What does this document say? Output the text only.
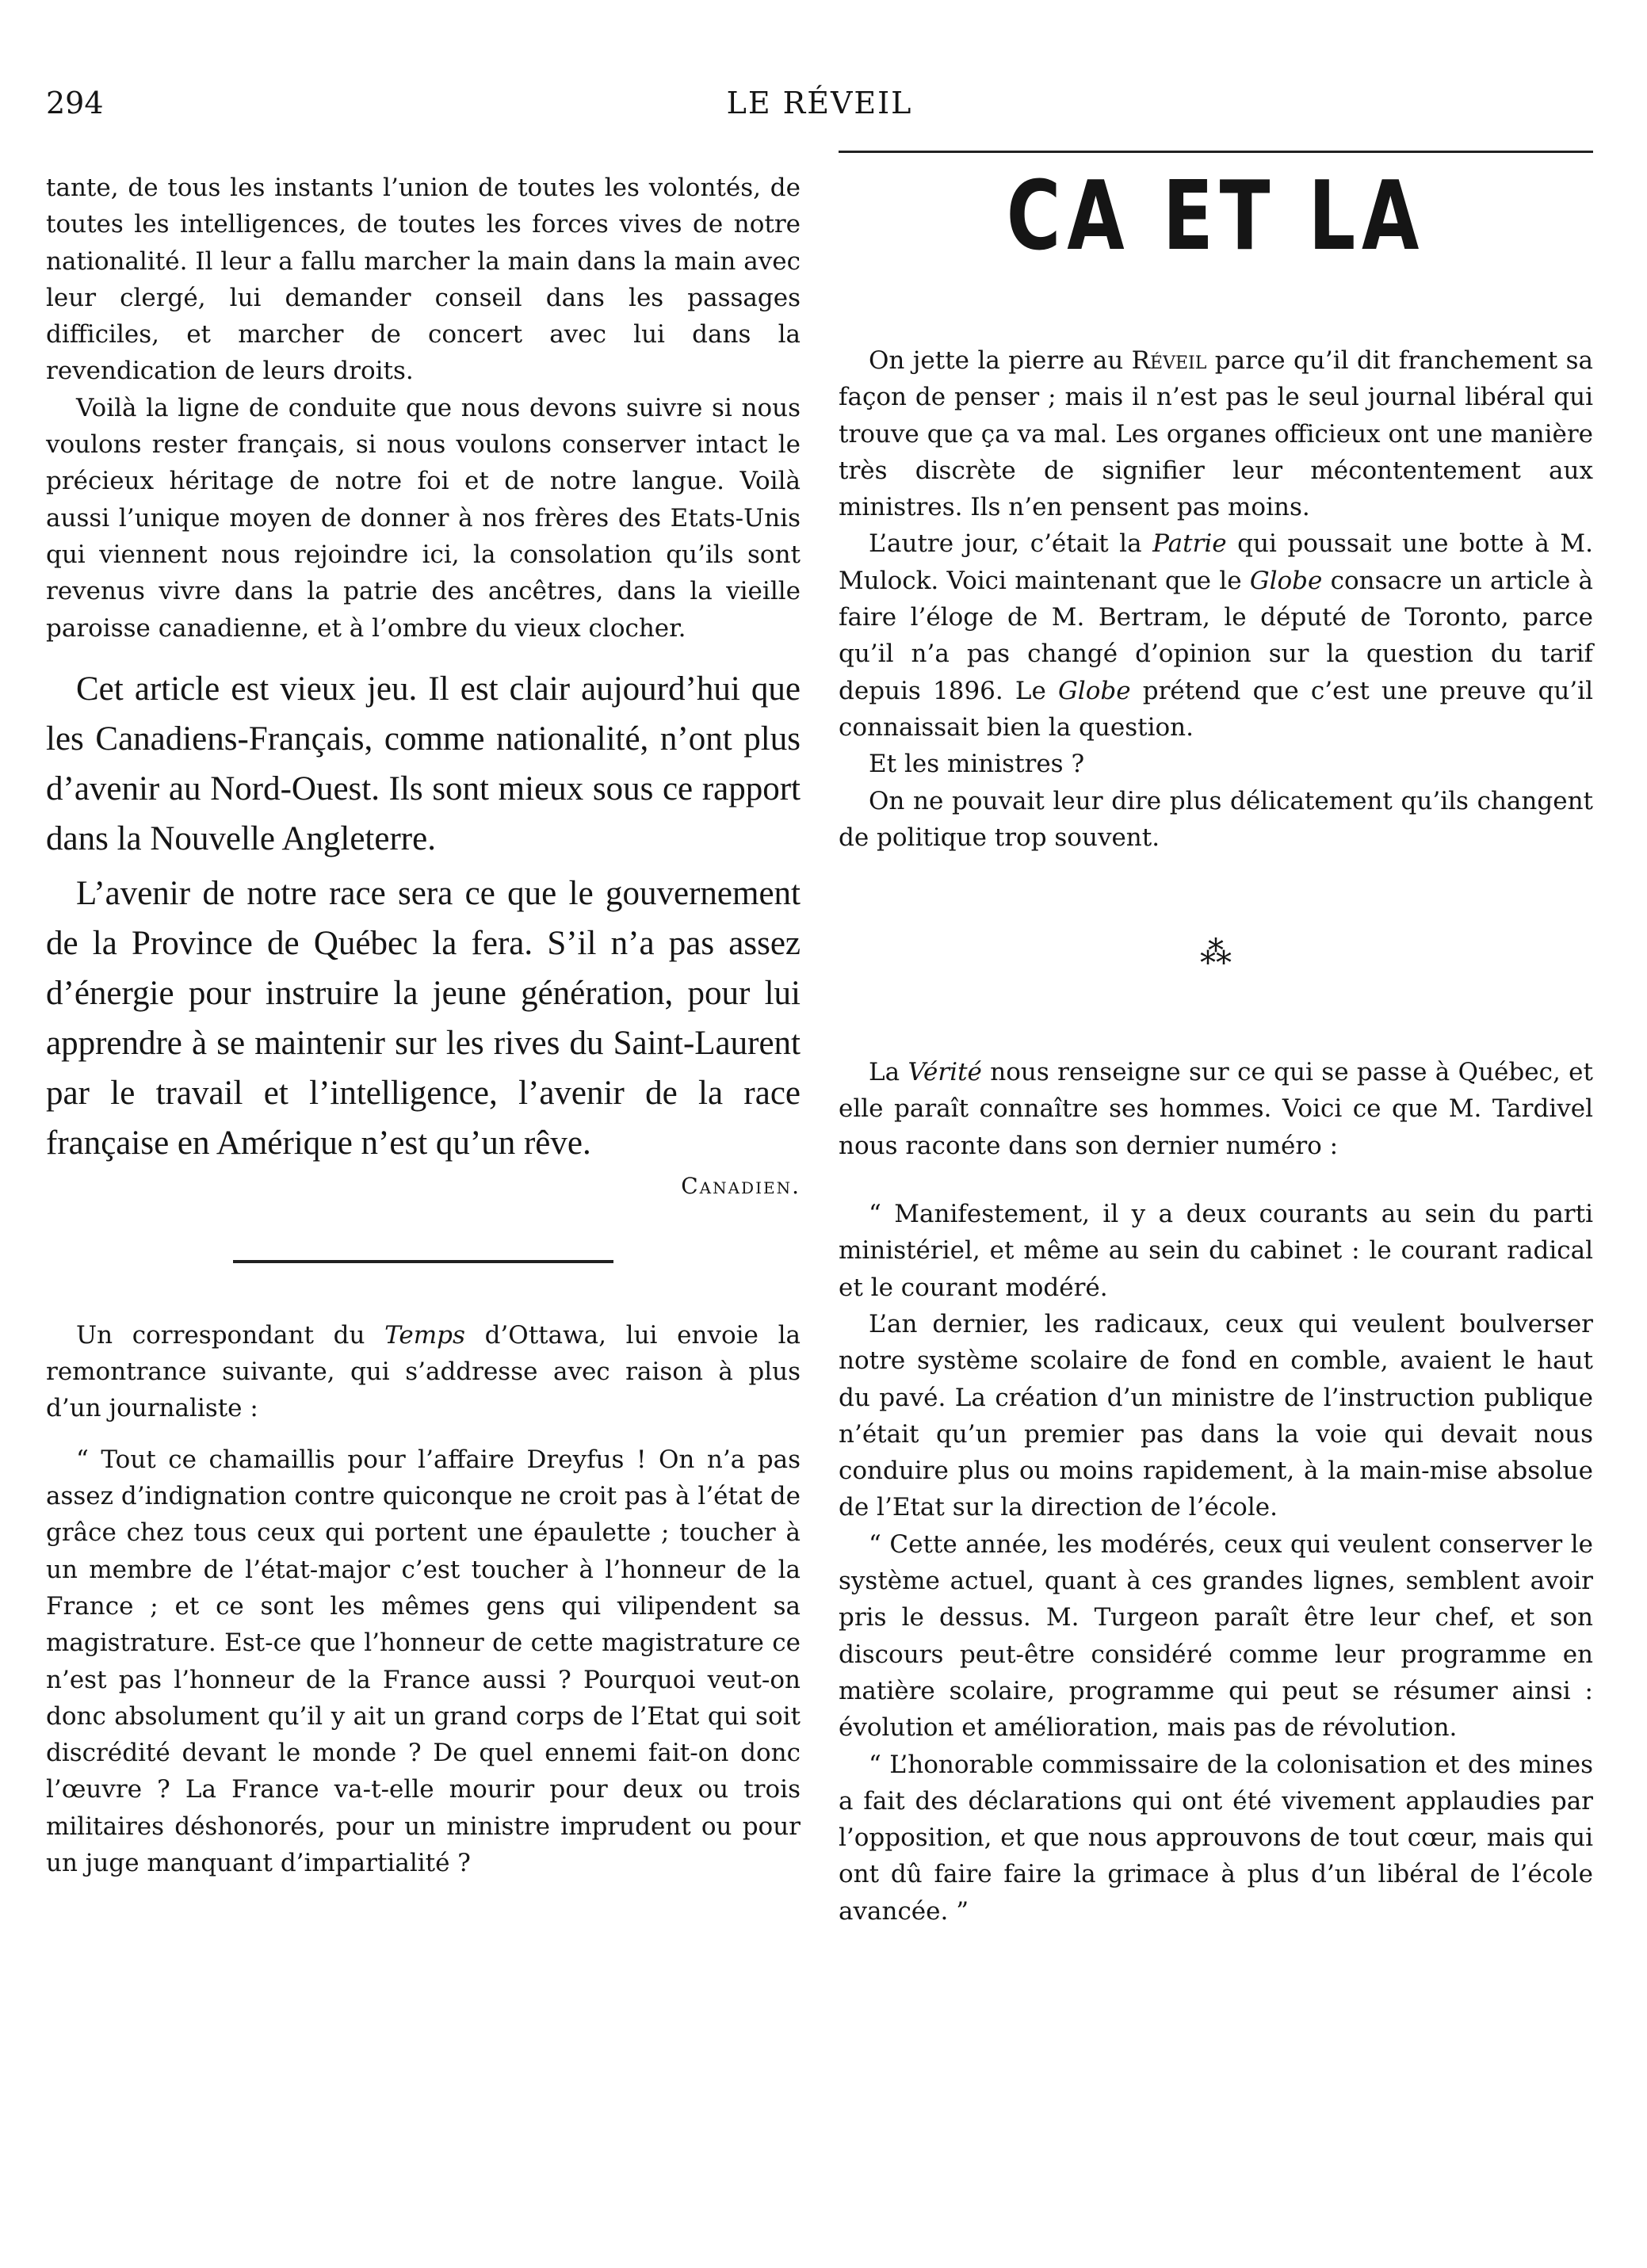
294	LE RÉVEIL

tante, de tous les instants l’union de toutes les volontés, de toutes les intelligences, de toutes les forces vives de notre nationalité. Il leur a fallu marcher la main dans la main avec leur clergé, lui demander conseil dans les passages difficiles, et marcher de concert avec lui dans la revendication de leurs droits.

Voilà la ligne de conduite que nous devons suivre si nous voulons rester français, si nous voulons conserver intact le précieux héritage de notre foi et de notre langue. Voilà aussi l’unique moyen de donner à nos frères des Etats-Unis qui viennent nous rejoindre ici, la consolation qu’ils sont revenus vivre dans la patrie des ancêtres, dans la vieille paroisse canadienne, et à l’ombre du vieux clocher.

Cet article est vieux jeu. Il est clair aujourd’hui que les Canadiens-Français, comme nationalité, n’ont plus d’avenir au Nord-Ouest. Ils sont mieux sous ce rapport dans la Nouvelle Angleterre.

L’avenir de notre race sera ce que le gouvernement de la Province de Québec la fera. S’il n’a pas assez d’énergie pour instruire la jeune génération, pour lui apprendre à se maintenir sur les rives du Saint-Laurent par le travail et l’intelligence, l’avenir de la race française en Amérique n’est qu’un rêve.

Canadien.

Un correspondant du Temps d’Ottawa, lui envoie la remontrance suivante, qui s’addresse avec raison à plus d’un journaliste :

“ Tout ce chamaillis pour l’affaire Dreyfus ! On n’a pas assez d’indignation contre quiconque ne croit pas à l’état de grâce chez tous ceux qui portent une épaulette ; toucher à un membre de l’état-major c’est toucher à l’honneur de la France ; et ce sont les mêmes gens qui vilipendent sa magistrature. Est-ce que l’honneur de cette magistrature ce n’est pas l’honneur de la France aussi ? Pourquoi veut-on donc absolument qu’il y ait un grand corps de l’Etat qui soit discrédité devant le monde ? De quel ennemi fait-on donc l’œuvre ? La France va-t-elle mourir pour deux ou trois militaires déshonorés, pour un ministre imprudent ou pour un juge manquant d’impartialité ?

CA ET LA

On jette la pierre au Réveil parce qu’il dit franchement sa façon de penser ; mais il n’est pas le seul journal libéral qui trouve que ça va mal. Les organes officieux ont une manière très discrète de signifier leur mécontentement aux ministres. Ils n’en pensent pas moins.

L’autre jour, c’était la Patrie qui poussait une botte à M. Mulock. Voici maintenant que le Globe consacre un article à faire l’éloge de M. Bertram, le député de Toronto, parce qu’il n’a pas changé d’opinion sur la question du tarif depuis 1896. Le Globe prétend que c’est une preuve qu’il connaissait bien la question.

Et les ministres ?

On ne pouvait leur dire plus délicatement qu’ils changent de politique trop souvent.

⁂

La Vérité nous renseigne sur ce qui se passe à Québec, et elle paraît connaître ses hommes. Voici ce que M. Tardivel nous raconte dans son dernier numéro :

“ Manifestement, il y a deux courants au sein du parti ministériel, et même au sein du cabinet : le courant radical et le courant modéré.

L’an dernier, les radicaux, ceux qui veulent boulverser notre système scolaire de fond en comble, avaient le haut du pavé. La création d’un ministre de l’instruction publique n’était qu’un premier pas dans la voie qui devait nous conduire plus ou moins rapidement, à la main-mise absolue de l’Etat sur la direction de l’école.

“ Cette année, les modérés, ceux qui veulent conserver le système actuel, quant à ces grandes lignes, semblent avoir pris le dessus. M. Turgeon paraît être leur chef, et son discours peut-être considéré comme leur programme en matière scolaire, programme qui peut se résumer ainsi : évolution et amélioration, mais pas de révolution.

“ L’honorable commissaire de la colonisation et des mines a fait des déclarations qui ont été vivement applaudies par l’opposition, et que nous approuvons de tout cœur, mais qui ont dû faire faire la grimace à plus d’un libéral de l’école avancée. ”
